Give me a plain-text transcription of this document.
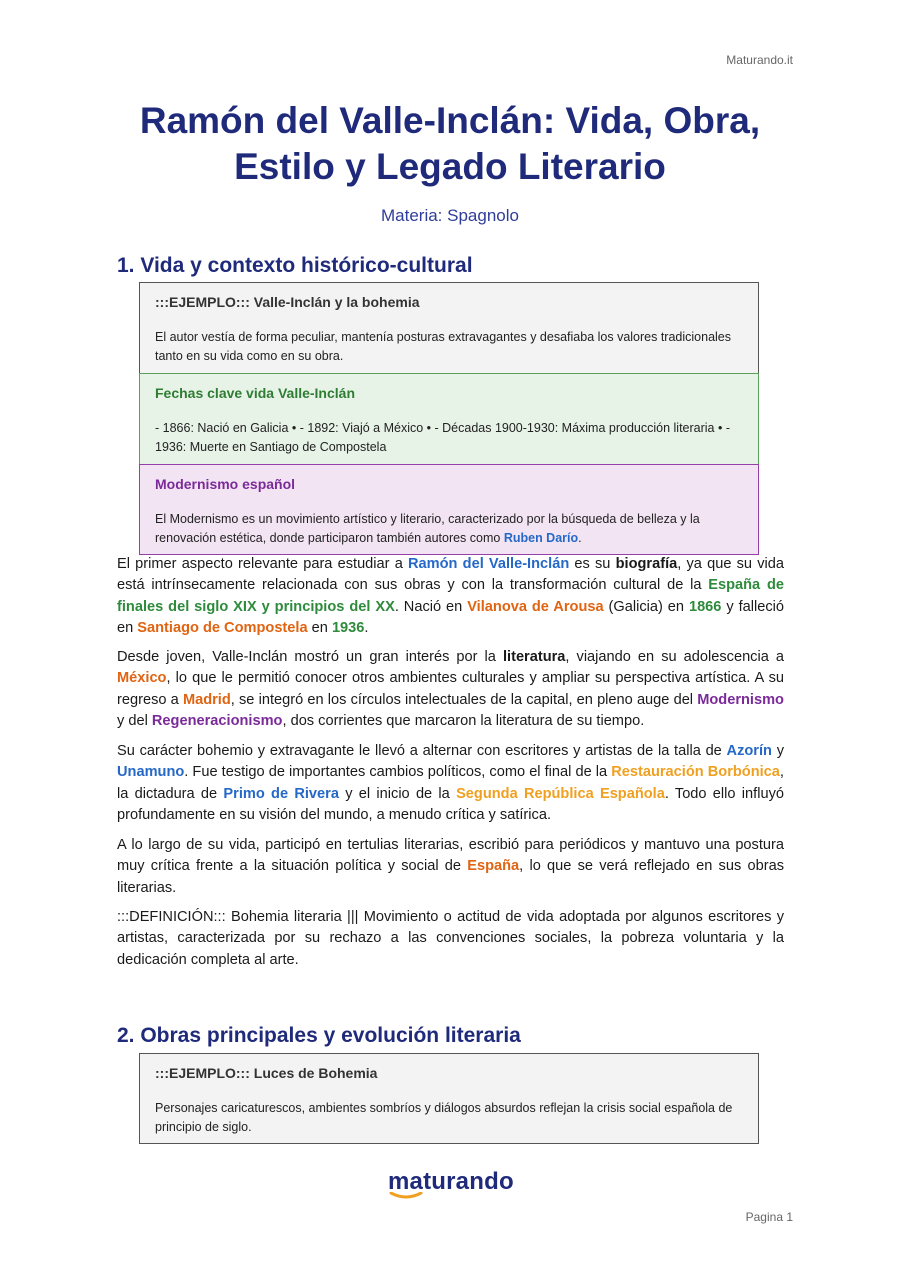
Maturando.it
Ramón del Valle-Inclán: Vida, Obra,
Estilo y Legado Literario
Materia: Spagnolo
1. Vida y contexto histórico-cultural
:::EJEMPLO::: Valle-Inclán y la bohemia
El autor vestía de forma peculiar, mantenía posturas extravagantes y desafiaba los valores tradicionales tanto en su vida como en su obra.
Fechas clave vida Valle-Inclán
- 1866: Nació en Galicia • - 1892: Viajó a México • - Décadas 1900-1930: Máxima producción literaria • - 1936: Muerte en Santiago de Compostela
Modernismo español
El Modernismo es un movimiento artístico y literario, caracterizado por la búsqueda de belleza y la renovación estética, donde participaron también autores como Ruben Darío.

El primer aspecto relevante para estudiar a Ramón del Valle-Inclán es su biografía, ya que su vida está intrínsecamente relacionada con sus obras y con la transformación cultural de la España de finales del siglo XIX y principios del XX. Nació en Vilanova de Arousa (Galicia) en 1866 y falleció en Santiago de Compostela en 1936.

Desde joven, Valle-Inclán mostró un gran interés por la literatura, viajando en su adolescencia a México, lo que le permitió conocer otros ambientes culturales y ampliar su perspectiva artística. A su regreso a Madrid, se integró en los círculos intelectuales de la capital, en pleno auge del Modernismo y del Regeneracionismo, dos corrientes que marcaron la literatura de su tiempo.

Su carácter bohemio y extravagante le llevó a alternar con escritores y artistas de la talla de Azorín y Unamuno. Fue testigo de importantes cambios políticos, como el final de la Restauración Borbónica, la dictadura de Primo de Rivera y el inicio de la Segunda República Española. Todo ello influyó profundamente en su visión del mundo, a menudo crítica y satírica.

A lo largo de su vida, participó en tertulias literarias, escribió para periódicos y mantuvo una postura muy crítica frente a la situación política y social de España, lo que se verá reflejado en sus obras literarias.

:::DEFINICIÓN::: Bohemia literaria ||| Movimiento o actitud de vida adoptada por algunos escritores y artistas, caracterizada por su rechazo a las convenciones sociales, la pobreza voluntaria y la dedicación completa al arte.

2. Obras principales y evolución literaria
:::EJEMPLO::: Luces de Bohemia
Personajes caricaturescos, ambientes sombríos y diálogos absurdos reflejan la crisis social española de principio de siglo.
maturando
Pagina 1
